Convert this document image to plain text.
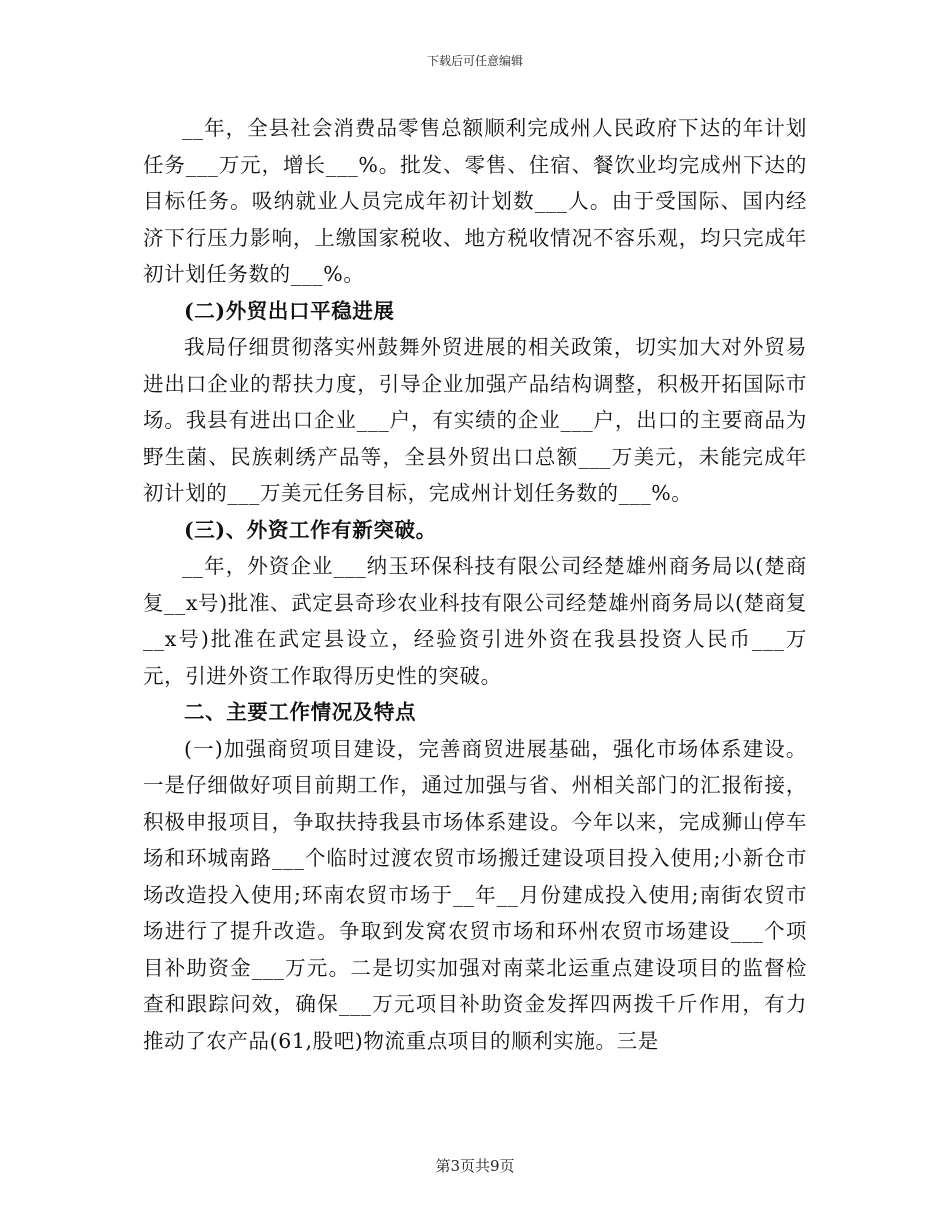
下载后可任意编辑

__年，全县社会消费品零售总额顺利完成州人民政府下达的年计划任务___万元，增长___%。批发、零售、住宿、餐饮业均完成州下达的目标任务。吸纳就业人员完成年初计划数___人。由于受国际、国内经济下行压力影响，上缴国家税收、地方税收情况不容乐观，均只完成年初计划任务数的___%。

(二)外贸出口平稳进展

我局仔细贯彻落实州鼓舞外贸进展的相关政策，切实加大对外贸易进出口企业的帮扶力度，引导企业加强产品结构调整，积极开拓国际市场。我县有进出口企业___户，有实绩的企业___户，出口的主要商品为野生菌、民族刺绣产品等，全县外贸出口总额___万美元，未能完成年初计划的___万美元任务目标，完成州计划任务数的___%。

(三)、外资工作有新突破。

__年，外资企业___纳玉环保科技有限公司经楚雄州商务局以(楚商复__x号)批准、武定县奇珍农业科技有限公司经楚雄州商务局以(楚商复__x号)批准在武定县设立，经验资引进外资在我县投资人民币___万元，引进外资工作取得历史性的突破。

二、主要工作情况及特点

(一)加强商贸项目建设，完善商贸进展基础，强化市场体系建设。一是仔细做好项目前期工作，通过加强与省、州相关部门的汇报衔接，积极申报项目，争取扶持我县市场体系建设。今年以来，完成狮山停车场和环城南路___个临时过渡农贸市场搬迁建设项目投入使用;小新仓市场改造投入使用;环南农贸市场于__年__月份建成投入使用;南街农贸市场进行了提升改造。争取到发窝农贸市场和环州农贸市场建设___个项目补助资金___万元。二是切实加强对南菜北运重点建设项目的监督检查和跟踪问效，确保___万元项目补助资金发挥四两拨千斤作用，有力推动了农产品(61,股吧)物流重点项目的顺利实施。三是

第3页共9页
